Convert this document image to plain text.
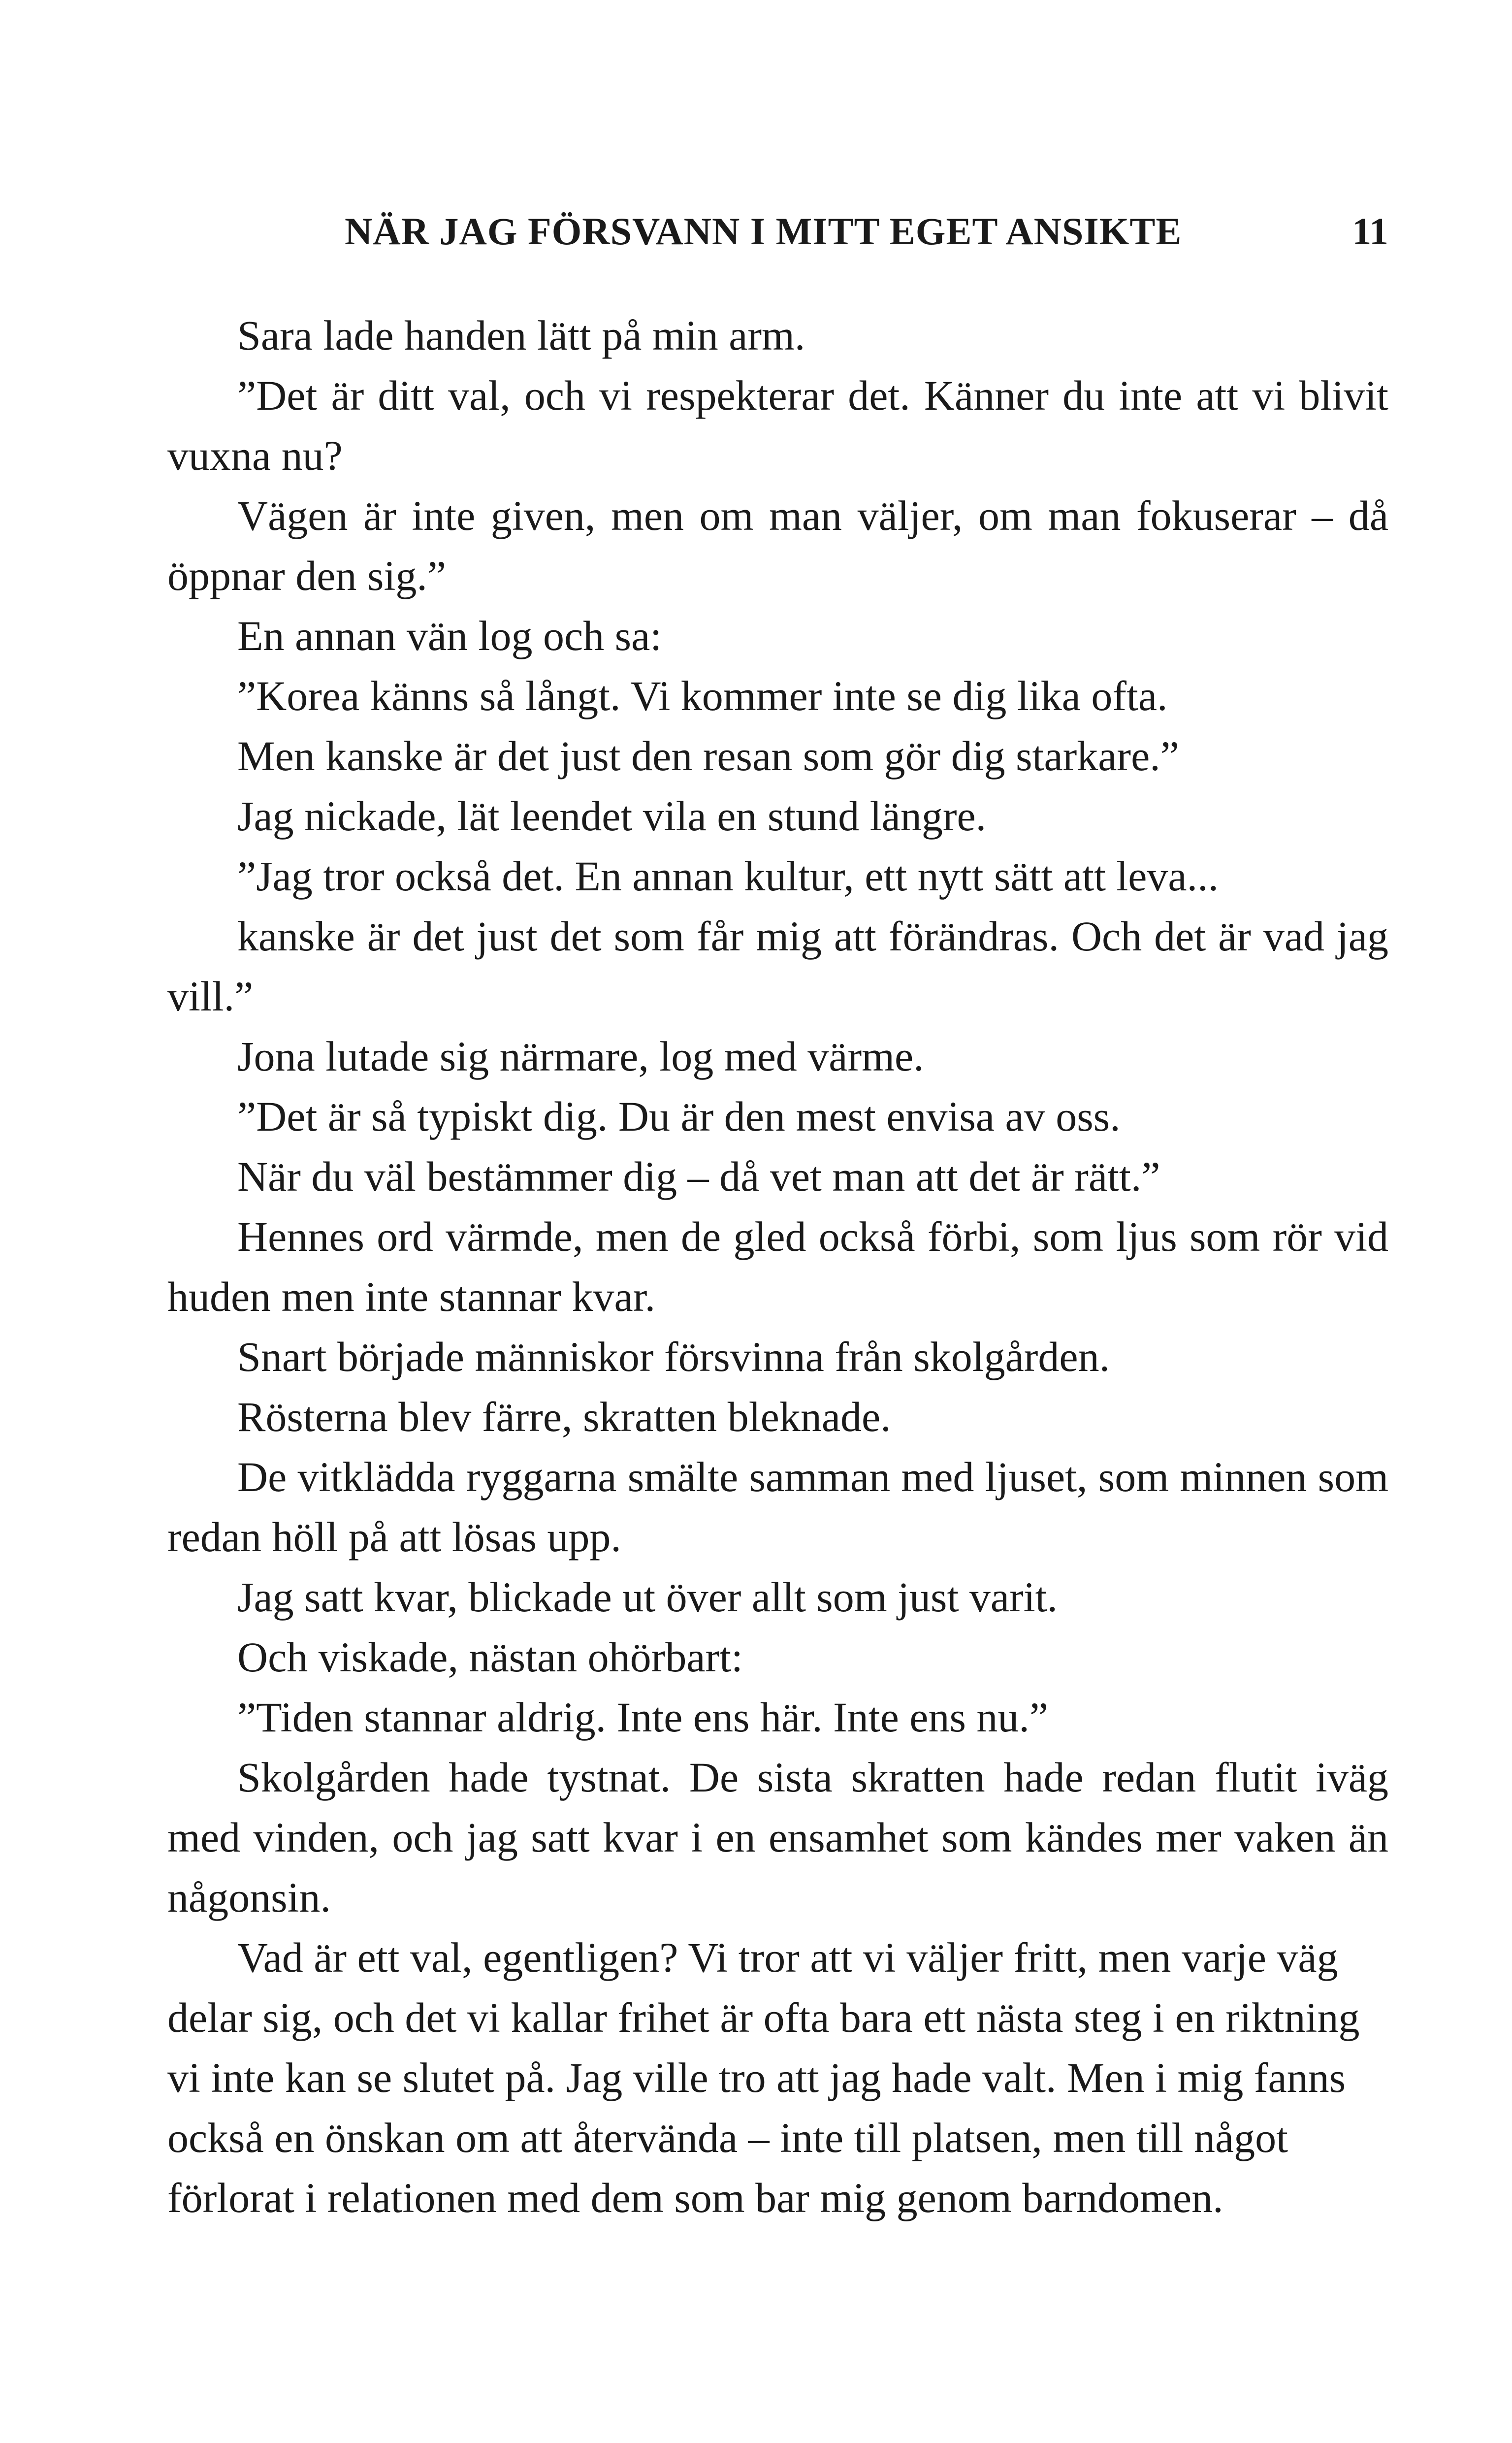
NÄR JAG FÖRSVANN I MITT EGET ANSIKTE	11

Sara lade handen lätt på min arm.

”Det är ditt val, och vi respekterar det. Känner du inte att vi blivit vuxna nu?

Vägen är inte given, men om man väljer, om man fokuserar – då öppnar den sig.”

En annan vän log och sa:

”Korea känns så långt. Vi kommer inte se dig lika ofta.

Men kanske är det just den resan som gör dig starkare.”

Jag nickade, lät leendet vila en stund längre.

”Jag tror också det. En annan kultur, ett nytt sätt att leva...

kanske är det just det som får mig att förändras. Och det är vad jag vill.”

Jona lutade sig närmare, log med värme.

”Det är så typiskt dig. Du är den mest envisa av oss.

När du väl bestämmer dig – då vet man att det är rätt.”

Hennes ord värmde, men de gled också förbi, som ljus som rör vid huden men inte stannar kvar.

Snart började människor försvinna från skolgården.

Rösterna blev färre, skratten bleknade.

De vitklädda ryggarna smälte samman med ljuset, som minnen som redan höll på att lösas upp.

Jag satt kvar, blickade ut över allt som just varit.

Och viskade, nästan ohörbart:

”Tiden stannar aldrig. Inte ens här. Inte ens nu.”

Skolgården hade tystnat. De sista skratten hade redan flutit iväg med vinden, och jag satt kvar i en ensamhet som kändes mer vaken än någonsin.

Vad är ett val, egentligen? Vi tror att vi väljer fritt, men varje väg delar sig, och det vi kallar frihet är ofta bara ett nästa steg i en riktning vi inte kan se slutet på. Jag ville tro att jag hade valt. Men i mig fanns också en önskan om att återvända – inte till platsen, men till något förlorat i relationen med dem som bar mig genom barndomen.
